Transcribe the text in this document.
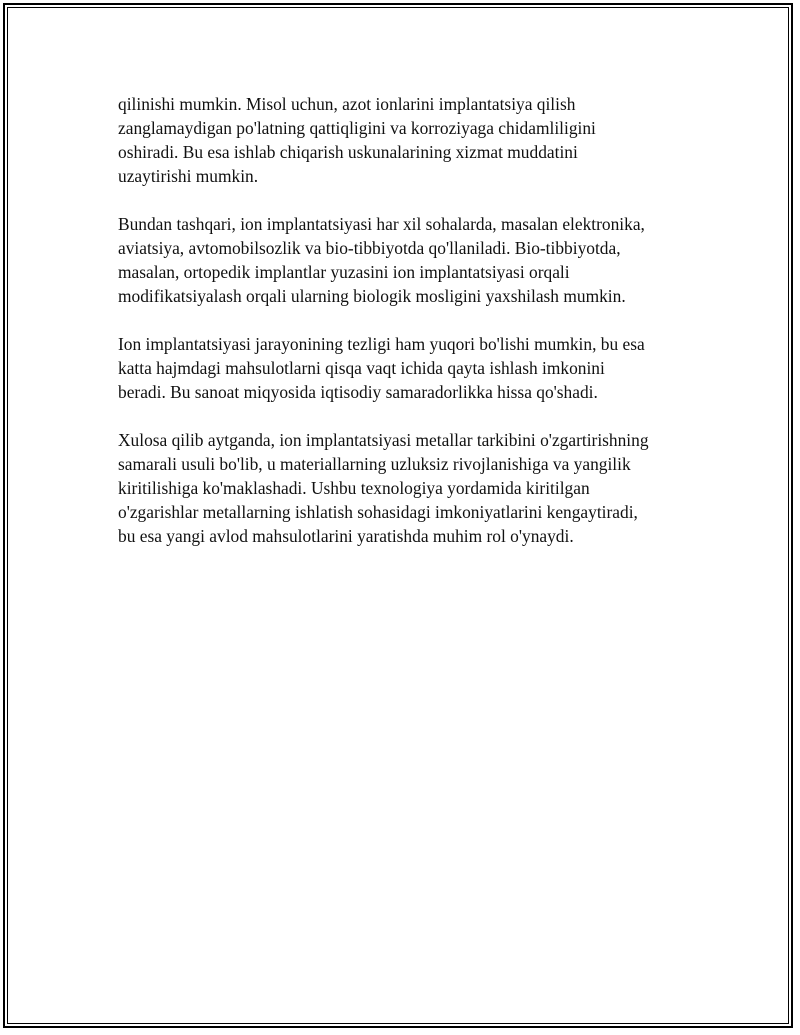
qilinishi mumkin. Misol uchun, azot ionlarini implantatsiya qilish
zanglamaydigan po'latning qattiqligini va korroziyaga chidamliligini
oshiradi. Bu esa ishlab chiqarish uskunalarining xizmat muddatini
uzaytirishi mumkin.

Bundan tashqari, ion implantatsiyasi har xil sohalarda, masalan elektronika,
aviatsiya, avtomobilsozlik va bio-tibbiyotda qo'llaniladi. Bio-tibbiyotda,
masalan, ortopedik implantlar yuzasini ion implantatsiyasi orqali
modifikatsiyalash orqali ularning biologik mosligini yaxshilash mumkin.

Ion implantatsiyasi jarayonining tezligi ham yuqori bo'lishi mumkin, bu esa
katta hajmdagi mahsulotlarni qisqa vaqt ichida qayta ishlash imkonini
beradi. Bu sanoat miqyosida iqtisodiy samaradorlikka hissa qo'shadi.

Xulosa qilib aytganda, ion implantatsiyasi metallar tarkibini o'zgartirishning
samarali usuli bo'lib, u materiallarning uzluksiz rivojlanishiga va yangilik
kiritilishiga ko'maklashadi. Ushbu texnologiya yordamida kiritilgan
o'zgarishlar metallarning ishlatish sohasidagi imkoniyatlarini kengaytiradi,
bu esa yangi avlod mahsulotlarini yaratishda muhim rol o'ynaydi.
